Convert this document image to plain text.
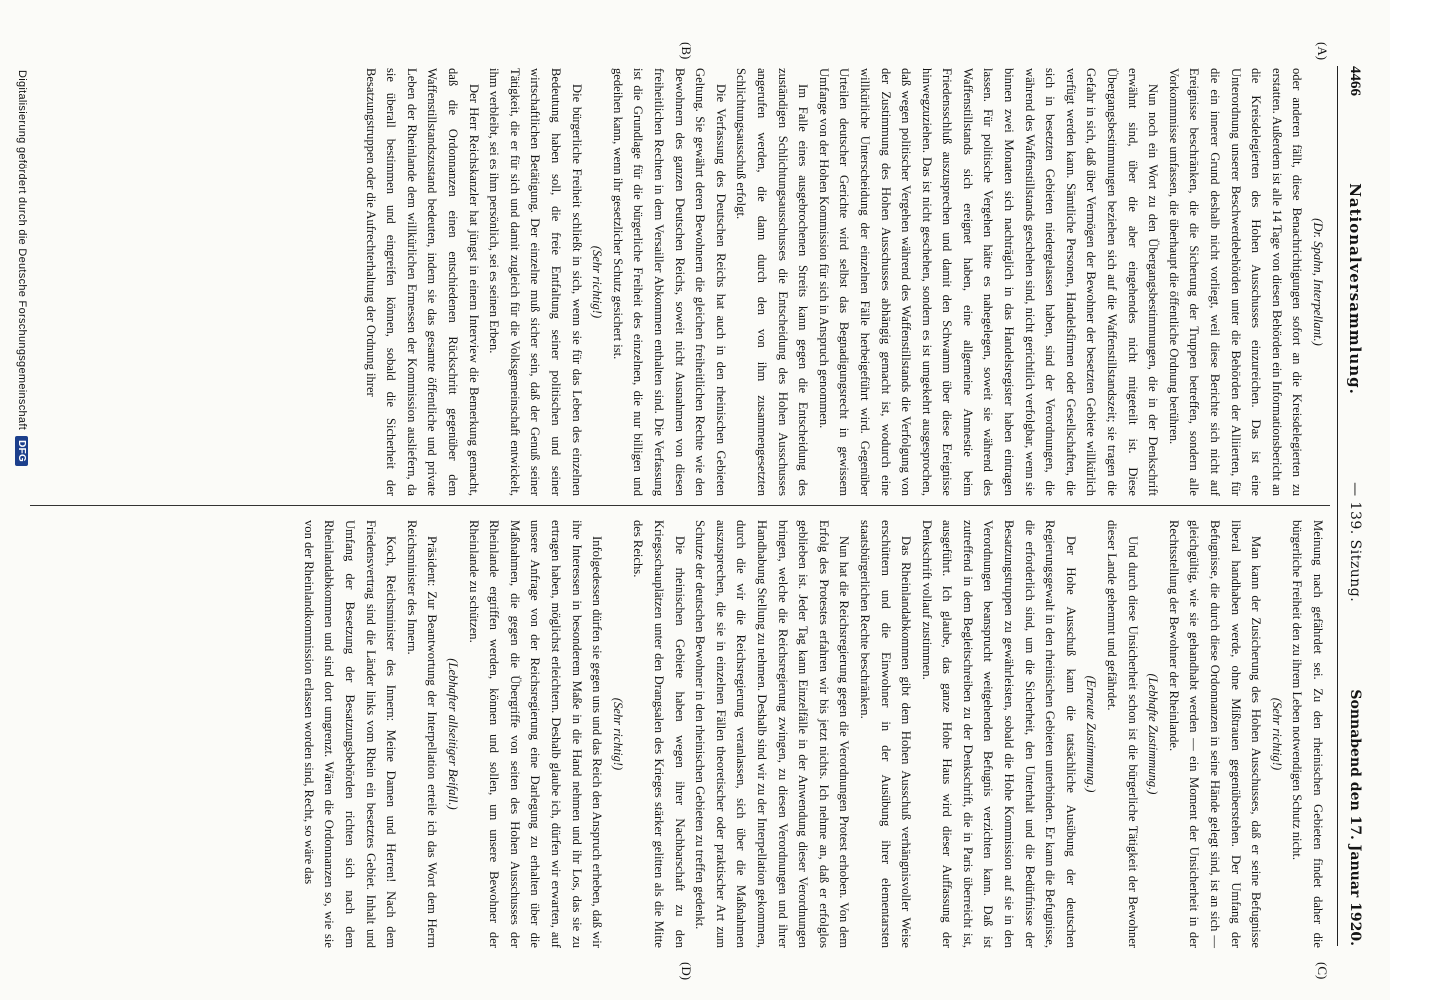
4466
Nationalversammlung.
— 139. Sitzung.
Sonnabend den 17. Januar 1920.
(A)
(B)
(C)
(D)

(Dr. Spahn, Interpellant.)

oder anderen fällt, diese Benachrichtigungen sofort an die Kreisdelegierten zu erstatten. Außerdem ist alle 14 Tage von diesen Behörden ein Informationsbericht an die Kreisdelegierten des Hohen Ausschusses einzureichen. Das ist eine Unterordnung unserer Beschwerdebehörden unter die Behörden der Alliierten, für die ein innerer Grund deshalb nicht vorliegt, weil diese Berichte sich nicht auf Ereignisse beschränken, die die Sicherung der Truppen betreffen, sondern alle Vorkommnisse umfassen, die überhaupt die öffentliche Ordnung berühren.

Nun noch ein Wort zu den Übergangsbestimmungen, die in der Denkschrift erwähnt sind, über die aber eingehendes nicht mitgeteilt ist. Diese Übergangsbestimmungen beziehen sich auf die Waffenstillstandszeit; sie tragen die Gefahr in sich, daß über Vermögen der Bewohner der besetzten Gebiete willkürlich verfügt werden kann. Sämtliche Personen, Handelsfirmen oder Gesellschaften, die sich in besetzten Gebieten niedergelassen haben, sind der Verordnungen, die während des Waffenstillstands geschehen sind, nicht gerichtlich verfolgbar, wenn sie binnen zwei Monaten sich nachträglich in das Handelsregister haben eintragen lassen. Für politische Vergehen hätte es nahegelegen, soweit sie während des Waffenstillstands sich ereignet haben, eine allgemeine Amnestie beim Friedensschluß auszusprechen und damit den Schwamm über diese Ereignisse hinwegzuziehen. Das ist nicht geschehen, sondern es ist umgekehrt ausgesprochen, daß wegen politischer Vergehen während des Waffenstillstands die Verfolgung von der Zustimmung des Hohen Ausschusses abhängig gemacht ist, wodurch eine willkürliche Unterscheidung der einzelnen Fälle herbeigeführt wird. Gegenüber Urteilen deutscher Gerichte wird selbst das Begnadigungsrecht in gewissem Umfange von der Hohen Kommission für sich in Anspruch genommen.

Im Falle eines ausgebrochenen Streits kann gegen die Entscheidung des zuständigen Schlichtungsausschusses die Entscheidung des Hohen Ausschusses angerufen werden, die dann durch den von ihm zusammengesetzten Schlichtungsausschuß erfolgt.

Die Verfassung des Deutschen Reichs hat auch in den rheinischen Gebieten Geltung. Sie gewährt deren Bewohnern die gleichen freiheitlichen Rechte wie den Bewohnern des ganzen Deutschen Reichs, soweit nicht Ausnahmen von diesen freiheitlichen Rechten in dem Versailler Abkommen enthalten sind. Die Verfassung ist die Grundlage für die bürgerliche Freiheit des einzelnen, die nur billigen und gedeihen kann, wenn ihr gesetzlicher Schutz gesichert ist.

(Sehr richtig!)

Die bürgerliche Freiheit schließt in sich, wenn sie für das Leben des einzelnen Bedeutung haben soll, die freie Entfaltung seiner politischen und seiner wirtschaftlichen Betätigung. Der einzelne muß sicher sein, daß der Genuß seiner Tätigkeit, die er für sich und damit zugleich für die Volksgemeinschaft entwickelt, ihm verbleibt, sei es ihm persönlich, sei es seinen Erben.

Der Herr Reichskanzler hat jüngst in einem Interview die Bemerkung gemacht, daß die Ordonnanzen einen entschiedenen Rückschritt gegenüber dem Waffenstillstandszustand bedeuten, indem sie das gesamte öffentliche und private Leben der Rheinlande dem willkürlichen Ermessen der Kommission ausliefern, da sie überall bestimmen und eingreifen können, sobald die Sicherheit der Besatzungstruppen oder die Aufrechterhaltung der Ordnung ihrer

Meinung nach gefährdet sei. Zu den rheinischen Gebieten findet daher die bürgerliche Freiheit den zu ihrem Leben notwendigen Schutz nicht.

(Sehr richtig!)

Man kann der Zusicherung des Hohen Ausschusses, daß er seine Befugnisse liberal handhaben werde, ohne Mißtrauen gegenüberstehen. Der Umfang der Befugnisse, die durch diese Ordonnanzen in seine Hände gelegt sind, ist an sich — gleichgültig, wie sie gehandhabt werden — ein Moment der Unsicherheit in der Rechtsstellung der Bewohner der Rheinlande.

(Lebhafte Zustimmung.)

Und durch diese Unsicherheit schon ist die bürgerliche Tätigkeit der Bewohner dieser Lande gehemmt und gefährdet.

(Erneute Zustimmung.)

Der Hohe Ausschuß kann die tatsächliche Ausübung der deutschen Regierungsgewalt in den rheinischen Gebieten unterbinden. Er kann die Befugnisse, die erforderlich sind, um die Sicherheit, den Unterhalt und die Bedürfnisse der Besatzungstruppen zu gewährleisten, sobald die Hohe Kommission auf sie in den Verordnungen beansprucht weitgehenden Befugnis verzichten kann. Daß ist zutreffend in dem Begleitschreiben zu der Denkschrift, die in Paris überreicht ist, ausgeführt. Ich glaube, das ganze Hohe Haus wird dieser Auffassung der Denkschrift vollauf zustimmen.

Das Rheinlandabkommen gibt dem Hohen Ausschuß verhängnisvoller Weise erschüttern und die Einwohner in der Ausübung ihrer elementarsten staatsbürgerlichen Rechte beschränken.

Nun hat die Reichsregierung gegen die Verordnungen Protest erhoben. Von dem Erfolg des Protestes erfahren wir bis jetzt nichts. Ich nehme an, daß er erfolglos geblieben ist. Jeder Tag kann Einzelfälle in der Anwendung dieser Verordnungen bringen, welche die Reichsregierung zwingen, zu diesen Verordnungen und ihrer Handhabung Stellung zu nehmen. Deshalb sind wir zu der Interpellation gekommen, durch die wir die Reichsregierung veranlassen, sich über die Maßnahmen auszusprechen, die sie in einzelnen Fällen theoretischer oder praktischer Art zum Schutze der deutschen Bewohner in den rheinischen Gebieten zu treffen gedenkt.

Die rheinischen Gebiete haben wegen ihrer Nachbarschaft zu den Kriegsschauplätzen unter den Drangsalen des Krieges stärker gelitten als die Mitte des Reichs.

(Sehr richtig!)

Infolgedessen dürfen sie gegen uns und das Reich den Anspruch erheben, daß wir ihre Interessen in besonderem Maße in die Hand nehmen und ihr Los, das sie zu ertragen haben, möglichst erleichtern. Deshalb glaube ich, dürfen wir erwarten, auf unsere Anfrage von der Reichsregierung eine Darlegung zu erhalten über die Maßnahmen, die gegen die Übergriffe von seiten des Hohen Ausschusses der Rheinlande ergriffen werden, können und sollen, um unsere Bewohner der Rheinlande zu schützen.

(Lebhafter allseitiger Beifall.)

Präsident: Zur Beantwortung der Interpellation erteile ich das Wort dem Herrn Reichsminister des Innern.

Koch, Reichsminister des Innern: Meine Damen und Herren! Nach dem Friedensvertrag sind die Länder links vom Rhein ein besetztes Gebiet. Inhalt und Umfang der Besetzung der Besatzungsbehörden richten sich nach dem Rheinlandabkommen und sind dort umgrenzt. Wären die Ordonnanzen so, wie sie von der Rheinlandkommission erlassen worden sind, Recht, so wäre das

Digitalisierung gefördert durch die Deutsche Forschungsgemeinschaft
DFG
